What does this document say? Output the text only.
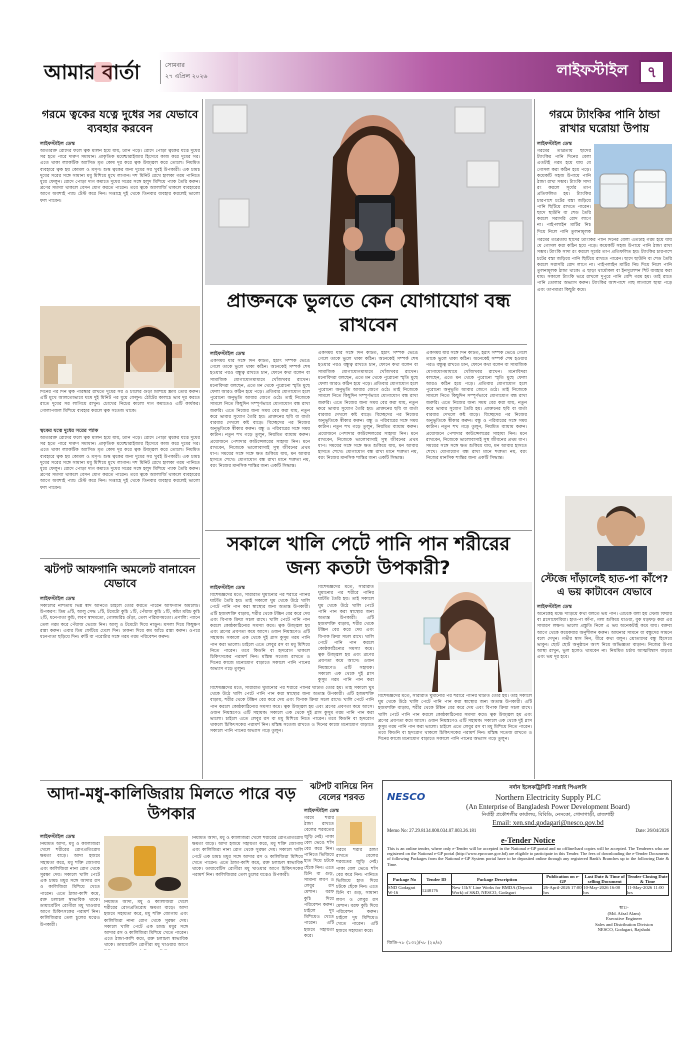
আমার বার্তা	সোমবার
২৭ এপ্রিল ২০২৬	লাইফস্টাইল	৭
গরমে ত্বকের যত্নে দুধের সর যেভাবে ব্যবহার করবেন
লাইফস্টাইল ডেস্ক
অতিরিক্ত রোদের ফলে ত্বক মলিন হয়ে যায়, ট্যান পড়ে। রোদে পোড়া ত্বকের যত্নে দুধের সর হতে পারে দারুণ সমাধান। প্রাকৃতিক ময়েশ্চারাইজার হিসেবে কাজ করে দুধের সর। এতে থাকা ল্যাকটিক অ্যাসিড মৃত কোষ দূর করে ত্বক উজ্জ্বল করে তোলে। নিয়মিত ব্যবহারে ত্বক হয় কোমল ও মসৃণ। শুষ্ক ত্বকের জন্য দুধের সর খুবই উপকারী। এক চামচ দুধের সরের সঙ্গে সামান্য মধু মিশিয়ে মুখে লাগান। দশ মিনিট রেখে হালকা গরম পানিতে ধুয়ে ফেলুন। রোদে পোড়া দাগ কমাতে দুধের সরের সঙ্গে হলুদ মিশিয়ে প্যাক তৈরি করুন। ব্রণের সমস্যা থাকলে বেসন যোগ করতে পারেন। তবে ত্বকে অ্যালার্জি থাকলে ব্যবহারের আগে অবশ্যই প্যাচ টেস্ট করে নিন। সপ্তাহে দুই থেকে তিনবার ব্যবহার করলেই ভালো ফল পাবেন।
দিনের পর দিন ত্বক পরিষ্কার রাখতে দুধের সর ও চালের গুঁড়া মিশিয়ে স্ক্রাব তৈরি করুন। এটি মুখে আলতোভাবে ঘষে দুই মিনিট পর ধুয়ে ফেলুন। ঠোঁটের কালচে ভাব দূর করতে রাতে দুধের সর লাগিয়ে রাখুন। চোখের নিচের কালো দাগ কমাতেও এটি কার্যকর। গোলাপজল মিশিয়ে ব্যবহার করলে ত্বক সতেজ থাকে।
ত্বকের যত্নে দুধের সরের প্যাক
অতিরিক্ত রোদের ফলে ত্বক মলিন হয়ে যায়, ট্যান পড়ে। রোদে পোড়া ত্বকের যত্নে দুধের সর হতে পারে দারুণ সমাধান। প্রাকৃতিক ময়েশ্চারাইজার হিসেবে কাজ করে দুধের সর। এতে থাকা ল্যাকটিক অ্যাসিড মৃত কোষ দূর করে ত্বক উজ্জ্বল করে তোলে। নিয়মিত ব্যবহারে ত্বক হয় কোমল ও মসৃণ। শুষ্ক ত্বকের জন্য দুধের সর খুবই উপকারী। এক চামচ দুধের সরের সঙ্গে সামান্য মধু মিশিয়ে মুখে লাগান। দশ মিনিট রেখে হালকা গরম পানিতে ধুয়ে ফেলুন। রোদে পোড়া দাগ কমাতে দুধের সরের সঙ্গে হলুদ মিশিয়ে প্যাক তৈরি করুন। ব্রণের সমস্যা থাকলে বেসন যোগ করতে পারেন। তবে ত্বকে অ্যালার্জি থাকলে ব্যবহারের আগে অবশ্যই প্যাচ টেস্ট করে নিন। সপ্তাহে দুই থেকে তিনবার ব্যবহার করলেই ভালো ফল পাবেন।
প্রাক্তনকে ভুলতে কেন যোগাযোগ বন্ধ রাখবেন
লাইফস্টাইল ডেস্ক
একসময় যার সঙ্গে দিন কাটত, হঠাৎ সম্পর্ক ভেঙে গেলে তাকে ভুলে থাকা কঠিন। অনেকেই সম্পর্ক শেষ হওয়ার পরও বন্ধুত্ব রাখতে চান, ফোনে কথা বলেন বা সামাজিক যোগাযোগমাধ্যমে খোঁজখবর রাখেন। মনোবিদরা বলছেন, এতে মন থেকে পুরোনো স্মৃতি মুছে ফেলা আরও কঠিন হয়ে পড়ে। প্রতিবার যোগাযোগ হলে পুরোনো অনুভূতি আবার জেগে ওঠে। তাই নিজেকে সামলে নিতে কিছুদিন সম্পূর্ণভাবে যোগাযোগ বন্ধ রাখা জরুরি। এতে নিজের জন্য সময় বের করা যায়, নতুন করে ভাবার সুযোগ তৈরি হয়। প্রাক্তনের ছবি বা বার্তা বারবার দেখলে কষ্ট বাড়ে। বিচ্ছেদের পর নিজের অনুভূতিকে স্বীকার করুন। বন্ধু ও পরিবারের সঙ্গে সময় কাটান। নতুন শখ গড়ে তুলুন, নিয়মিত ব্যায়াম করুন। প্রয়োজনে পেশাদার কাউন্সেলরের সাহায্য নিন। মনে রাখবেন, নিজেকে ভালোবাসাই সুস্থ জীবনের প্রথম ধাপ। সময়ের সঙ্গে সঙ্গে ক্ষত শুকিয়ে যায়, মন আবার হাসতে শেখে। যোগাযোগ বন্ধ রাখা মানে শত্রুতা নয়, বরং নিজের মানসিক শান্তির জন্য একটি সিদ্ধান্ত।
একসময় যার সঙ্গে দিন কাটত, হঠাৎ সম্পর্ক ভেঙে গেলে তাকে ভুলে থাকা কঠিন। অনেকেই সম্পর্ক শেষ হওয়ার পরও বন্ধুত্ব রাখতে চান, ফোনে কথা বলেন বা সামাজিক যোগাযোগমাধ্যমে খোঁজখবর রাখেন। মনোবিদরা বলছেন, এতে মন থেকে পুরোনো স্মৃতি মুছে ফেলা আরও কঠিন হয়ে পড়ে। প্রতিবার যোগাযোগ হলে পুরোনো অনুভূতি আবার জেগে ওঠে। তাই নিজেকে সামলে নিতে কিছুদিন সম্পূর্ণভাবে যোগাযোগ বন্ধ রাখা জরুরি। এতে নিজের জন্য সময় বের করা যায়, নতুন করে ভাবার সুযোগ তৈরি হয়। প্রাক্তনের ছবি বা বার্তা বারবার দেখলে কষ্ট বাড়ে। বিচ্ছেদের পর নিজের অনুভূতিকে স্বীকার করুন। বন্ধু ও পরিবারের সঙ্গে সময় কাটান। নতুন শখ গড়ে তুলুন, নিয়মিত ব্যায়াম করুন। প্রয়োজনে পেশাদার কাউন্সেলরের সাহায্য নিন। মনে রাখবেন, নিজেকে ভালোবাসাই সুস্থ জীবনের প্রথম ধাপ। সময়ের সঙ্গে সঙ্গে ক্ষত শুকিয়ে যায়, মন আবার হাসতে শেখে। যোগাযোগ বন্ধ রাখা মানে শত্রুতা নয়, বরং নিজের মানসিক শান্তির জন্য একটি সিদ্ধান্ত।
একসময় যার সঙ্গে দিন কাটত, হঠাৎ সম্পর্ক ভেঙে গেলে তাকে ভুলে থাকা কঠিন। অনেকেই সম্পর্ক শেষ হওয়ার পরও বন্ধুত্ব রাখতে চান, ফোনে কথা বলেন বা সামাজিক যোগাযোগমাধ্যমে খোঁজখবর রাখেন। মনোবিদরা বলছেন, এতে মন থেকে পুরোনো স্মৃতি মুছে ফেলা আরও কঠিন হয়ে পড়ে। প্রতিবার যোগাযোগ হলে পুরোনো অনুভূতি আবার জেগে ওঠে। তাই নিজেকে সামলে নিতে কিছুদিন সম্পূর্ণভাবে যোগাযোগ বন্ধ রাখা জরুরি। এতে নিজের জন্য সময় বের করা যায়, নতুন করে ভাবার সুযোগ তৈরি হয়। প্রাক্তনের ছবি বা বার্তা বারবার দেখলে কষ্ট বাড়ে। বিচ্ছেদের পর নিজের অনুভূতিকে স্বীকার করুন। বন্ধু ও পরিবারের সঙ্গে সময় কাটান। নতুন শখ গড়ে তুলুন, নিয়মিত ব্যায়াম করুন। প্রয়োজনে পেশাদার কাউন্সেলরের সাহায্য নিন। মনে রাখবেন, নিজেকে ভালোবাসাই সুস্থ জীবনের প্রথম ধাপ। সময়ের সঙ্গে সঙ্গে ক্ষত শুকিয়ে যায়, মন আবার হাসতে শেখে। যোগাযোগ বন্ধ রাখা মানে শত্রুতা নয়, বরং নিজের মানসিক শান্তির জন্য একটি সিদ্ধান্ত।
গরমে ট্যাংকির পানি ঠান্ডা রাখার ঘরোয়া উপায়
লাইফস্টাইল ডেস্ক
গরমের তীব্রতায় ছাদের ট্যাংকির পানি দিনের বেলা এতটাই গরম হয়ে যায় যে গোসল করা কঠিন হয়ে পড়ে। কয়েকটি সহজ উপায়ে পানি ঠান্ডা রাখা সম্ভব। ট্যাংকি সাদা রং করলে সূর্যের তাপ প্রতিফলিত হয়। ট্যাংকির চারপাশে চটের বস্তা জড়িয়ে পানি ছিটিয়ে রাখতে পারেন। ছাদে ছাউনি বা শেড তৈরি করলে সরাসরি রোদ লাগে না। পাইপলাইন মাটির নিচ দিয়ে নিলে পানি তুলনামূলক
গরমের তীব্রতায় ছাদের ট্যাংকির পানি দিনের বেলা এতটাই গরম হয়ে যায় যে গোসল করা কঠিন হয়ে পড়ে। কয়েকটি সহজ উপায়ে পানি ঠান্ডা রাখা সম্ভব। ট্যাংকি সাদা রং করলে সূর্যের তাপ প্রতিফলিত হয়। ট্যাংকির চারপাশে চটের বস্তা জড়িয়ে পানি ছিটিয়ে রাখতে পারেন। ছাদে ছাউনি বা শেড তৈরি করলে সরাসরি রোদ লাগে না। পাইপলাইন মাটির নিচ দিয়ে নিলে পানি তুলনামূলক ঠান্ডা থাকে। এ ছাড়া থার্মোকল বা ইনসুলেশন শিট ব্যবহার করা যায়। সকালে ট্যাংকি ভরে রাখলে দুপুরে পানি বেশি গরম হয়। তাই রাতে পানি তোলার অভ্যাস করুন। ট্যাংকির আশপাশে গাছ লাগালে ছায়া পড়ে এবং তাপমাত্রা কিছুটা কমে।
স্টেজে দাঁড়ালেই হাত-পা কাঁপে? এ ভয় কাটাবেন যেভাবে
লাইফস্টাইল ডেস্ক
অনেকেই মঞ্চে দাঁড়িয়ে কথা বলতে ভয় পান। এটিকে বলা হয় স্টেজ ফিয়ার বা গ্লসোফোবিয়া। হাত-পা কাঁপা, গলা শুকিয়ে যাওয়া, বুক ধড়ফড় করা এর সাধারণ লক্ষণ। ভালো প্রস্তুতি নিলে এ ভয় অনেকটাই কমে যায়। বক্তব্য আগে থেকে কয়েকবার অনুশীলন করুন। আয়নার সামনে বা বন্ধুদের সামনে বলে দেখুন। গভীর শ্বাস নিন, ধীরে কথা বলুন। শ্রোতাদের বন্ধু হিসেবে ভাবুন। ছোট ছোট অনুষ্ঠানে অংশ নিয়ে অভিজ্ঞতা বাড়ান। নিজের উপর আস্থা রাখুন, ভুল হলেও থামবেন না। নিয়মিত চর্চায় আত্মবিশ্বাস বাড়বে এবং ভয় দূর হবে।
সকালে খালি পেটে পানি পান শরীরের জন্য কতটা উপকারী?
লাইফস্টাইল ডেস্ক
বিশেষজ্ঞদের মতে, সারারাত ঘুমানোর পর শরীরে পানির ঘাটতি তৈরি হয়। তাই সকালে ঘুম থেকে উঠে খালি পেটে পানি পান করা স্বাস্থ্যের জন্য অত্যন্ত উপকারী। এটি হজমশক্তি বাড়ায়, শরীর থেকে টক্সিন বের করে দেয় এবং বিপাক ক্রিয়া সচল রাখে। খালি পেটে পানি পান করলে কোষ্ঠকাঠিন্যের সমস্যা কমে। ত্বক উজ্জ্বল হয় এবং ব্রণের প্রবণতা কমে আসে। ওজন নিয়ন্ত্রণেও এটি সহায়ক। সকালে এক থেকে দুই গ্লাস কুসুম গরম পানি পান করা ভালো। চাইলে এতে লেবুর রস বা মধু মিশিয়ে নিতে পারেন। তবে কিডনি বা হৃদরোগ থাকলে চিকিৎসকের পরামর্শ নিন। মস্তিষ্ক সতেজ রাখতে ও দিনের কাজে মনোযোগ বাড়াতে সকালে পানি পানের অভ্যাস গড়ে তুলুন।
বিশেষজ্ঞদের মতে, সারারাত ঘুমানোর পর শরীরে পানির ঘাটতি তৈরি হয়। তাই সকালে ঘুম থেকে উঠে খালি পেটে পানি পান করা স্বাস্থ্যের জন্য অত্যন্ত উপকারী। এটি হজমশক্তি বাড়ায়, শরীর থেকে টক্সিন বের করে দেয় এবং বিপাক ক্রিয়া সচল রাখে। খালি পেটে পানি পান করলে কোষ্ঠকাঠিন্যের সমস্যা কমে। ত্বক উজ্জ্বল হয় এবং ব্রণের প্রবণতা কমে আসে। ওজন নিয়ন্ত্রণেও এটি সহায়ক। সকালে এক থেকে দুই গ্লাস কুসুম গরম পানি পান করা
বিশেষজ্ঞদের মতে, সারারাত ঘুমানোর পর শরীরে পানির ঘাটতি তৈরি হয়। তাই সকালে ঘুম থেকে উঠে খালি পেটে পানি পান করা স্বাস্থ্যের জন্য অত্যন্ত উপকারী। এটি হজমশক্তি বাড়ায়, শরীর থেকে টক্সিন বের করে দেয় এবং বিপাক ক্রিয়া সচল রাখে। খালি পেটে পানি পান করলে কোষ্ঠকাঠিন্যের সমস্যা কমে। ত্বক উজ্জ্বল হয় এবং ব্রণের প্রবণতা কমে আসে। ওজন নিয়ন্ত্রণেও এটি সহায়ক। সকালে এক থেকে দুই গ্লাস কুসুম গরম পানি পান করা ভালো। চাইলে এতে লেবুর রস বা মধু মিশিয়ে নিতে পারেন। তবে কিডনি বা হৃদরোগ থাকলে চিকিৎসকের পরামর্শ নিন। মস্তিষ্ক সতেজ রাখতে ও দিনের কাজে মনোযোগ বাড়াতে সকালে পানি পানের অভ্যাস গড়ে তুলুন।
বিশেষজ্ঞদের মতে, সারারাত ঘুমানোর পর শরীরে পানির ঘাটতি তৈরি হয়। তাই সকালে ঘুম থেকে উঠে খালি পেটে পানি পান করা স্বাস্থ্যের জন্য অত্যন্ত উপকারী। এটি হজমশক্তি বাড়ায়, শরীর থেকে টক্সিন বের করে দেয় এবং বিপাক ক্রিয়া সচল রাখে। খালি পেটে পানি পান করলে কোষ্ঠকাঠিন্যের সমস্যা কমে। ত্বক উজ্জ্বল হয় এবং ব্রণের প্রবণতা কমে আসে। ওজন নিয়ন্ত্রণেও এটি সহায়ক। সকালে এক থেকে দুই গ্লাস কুসুম গরম পানি পান করা ভালো। চাইলে এতে লেবুর রস বা মধু মিশিয়ে নিতে পারেন। তবে কিডনি বা হৃদরোগ থাকলে চিকিৎসকের পরামর্শ নিন। মস্তিষ্ক সতেজ রাখতে ও দিনের কাজে মনোযোগ বাড়াতে সকালে পানি পানের অভ্যাস গড়ে তুলুন।
ঝটপট আফগানি অমলেট বানাবেন যেভাবে
লাইফস্টাইল ডেস্ক
সকালের নাশতায় ভিন্ন স্বাদ আনতে চাইলে তৈরি করতে পারেন আফগানি অমলেট। উপকরণ: ডিম ৪টি, আলু সেদ্ধ ১টি, টমেটো কুচি ১টি, পেঁয়াজ কুচি ১টি, কাঁচা মরিচ কুচি ২টি, ধনেপাতা কুচি, লবণ স্বাদমতো, গোলমরিচ গুঁড়া, তেল পরিমাণমতো। প্রণালি: প্যানে তেল গরম করে পেঁয়াজ ভেজে নিন। আলু ও টমেটো দিয়ে নাড়ুন। মসলা দিয়ে কিছুক্ষণ রান্না করুন। এবার ডিম ফেটিয়ে ঢেলে দিন। ঢাকনা দিয়ে কম আঁচে রান্না করুন। ওপরে ধনেপাতা ছড়িয়ে দিন। রুটি বা পরোটার সঙ্গে গরম গরম পরিবেশন করুন।
আদা-মধু-কালিজিরায় মিলতে পারে বড় উপকার
লাইফস্টাইল ডেস্ক
নিয়মিত আদা, মধু ও কালিজিরা খেলে শরীরের রোগপ্রতিরোধ ক্ষমতা বাড়ে। আদা হজমে সহায়তা করে, মধু শক্তি জোগায় এবং কালিজিরা নানা রোগ থেকে সুরক্ষা দেয়। সকালে খালি পেটে এক চামচ মধুর সঙ্গে আদার রস ও কালিজিরা মিশিয়ে খেতে পারেন। এতে ঠান্ডা-কাশি কমে, রক্ত চলাচল স্বাভাবিক থাকে। ডায়াবেটিস রোগীরা মধু খাওয়ার আগে চিকিৎসকের পরামর্শ নিন। কালিজিরার তেল চুলের যত্নেও উপকারী।
নিয়মিত আদা, মধু ও কালিজিরা খেলে শরীরের রোগপ্রতিরোধ ক্ষমতা বাড়ে। আদা হজমে সহায়তা করে, মধু শক্তি জোগায় এবং কালিজিরা নানা রোগ থেকে সুরক্ষা দেয়। সকালে খালি পেটে এক চামচ মধুর সঙ্গে আদার রস ও কালিজিরা মিশিয়ে খেতে পারেন। এতে ঠান্ডা-কাশি কমে, রক্ত চলাচল স্বাভাবিক থাকে। ডায়াবেটিস রোগীরা মধু খাওয়ার আগে
নিয়মিত আদা, মধু ও কালিজিরা খেলে শরীরের রোগপ্রতিরোধ ক্ষমতা বাড়ে। আদা হজমে সহায়তা করে, মধু শক্তি জোগায় এবং কালিজিরা নানা রোগ থেকে সুরক্ষা দেয়। সকালে খালি পেটে এক চামচ মধুর সঙ্গে আদার রস ও কালিজিরা মিশিয়ে খেতে পারেন। এতে ঠান্ডা-কাশি কমে, রক্ত চলাচল স্বাভাবিক থাকে। ডায়াবেটিস রোগীরা মধু খাওয়ার আগে চিকিৎসকের পরামর্শ নিন। কালিজিরার তেল চুলের যত্নেও উপকারী।
ঝটপট বানিয়ে নিন বেলের শরবত
লাইফস্টাইল ডেস্ক
গরমে শরীর ঠান্ডা রাখতে বেলের শরবতের জুড়ি নেই। পাকা বেল ভেঙে শাঁস বের করে নিন। পানিতে ভিজিয়ে হাত দিয়ে চটকে ছেঁকে নিন। এতে চিনি বা গুড়, সামান্য লবণ ও লেবুর রস মেশান। বরফ কুচি দিয়ে পরিবেশন করুন। চাইলে দুধ মিশিয়েও খেতে পারেন। এটি হজমে সহায়তা করে।
গরমে শরীর ঠান্ডা রাখতে বেলের শরবতের জুড়ি নেই। পাকা বেল ভেঙে শাঁস বের করে নিন। পানিতে ভিজিয়ে হাত দিয়ে চটকে ছেঁকে নিন। এতে চিনি বা গুড়, সামান্য লবণ ও লেবুর রস মেশান। বরফ কুচি দিয়ে পরিবেশন করুন। চাইলে দুধ মিশিয়েও খেতে পারেন। এটি হজমে সহায়তা করে।
NESCO
নর্দান ইলেকট্রিসিটি সাপ্লাই পিএলসি
Northern Electricity Supply PLC
(An Enterprise of Bangladesh Power Development Board)
নির্বাহী প্রকৌশলীর কার্যালয়, বিবিডি, নেসকো, গোদাগাড়ী, রাজশাহী
Email: xen.snd.godagari@nesco.gov.bd
Memo No: 27.29.8134.000.034.07.003.26.181	Date: 26/04/2026
e-Tender Notice
This is an online tender, where only e-Tender will be accepted in the National e-GP portal and no offline/hard copies will be accepted. The Tenderers who are registered on the National e-GP portal (http://www.eprocure.gov.bd) are eligible to participate in this Tender. The fees of downloading the e-Tender Documents of following Packages from the National e-GP System portal have to be deposited online through any registered Bank's Branches up to the following Date & Time.
Package No	Tender ID	Package Description	Publication on e-GP	Last Date & Time of selling Document	Tender Closing Date & Time
SND Godagari W-16	1248176	New 11kV Line Works for BMDA (Deposit Work) of S&D, NESCO, Godagari	26-April-2026 17:00 hrs	10-May-2026 16:00 hrs	11-May-2026 11:00 hrs
স্বাঃ/-
(Md. Afzal Alam)
Executive Engineer
Sales and Distribution Division
NESCO, Godagari, Rajshahi
জিডি-৭৮ (১৩২)/৭৮ (২৪/৪)
